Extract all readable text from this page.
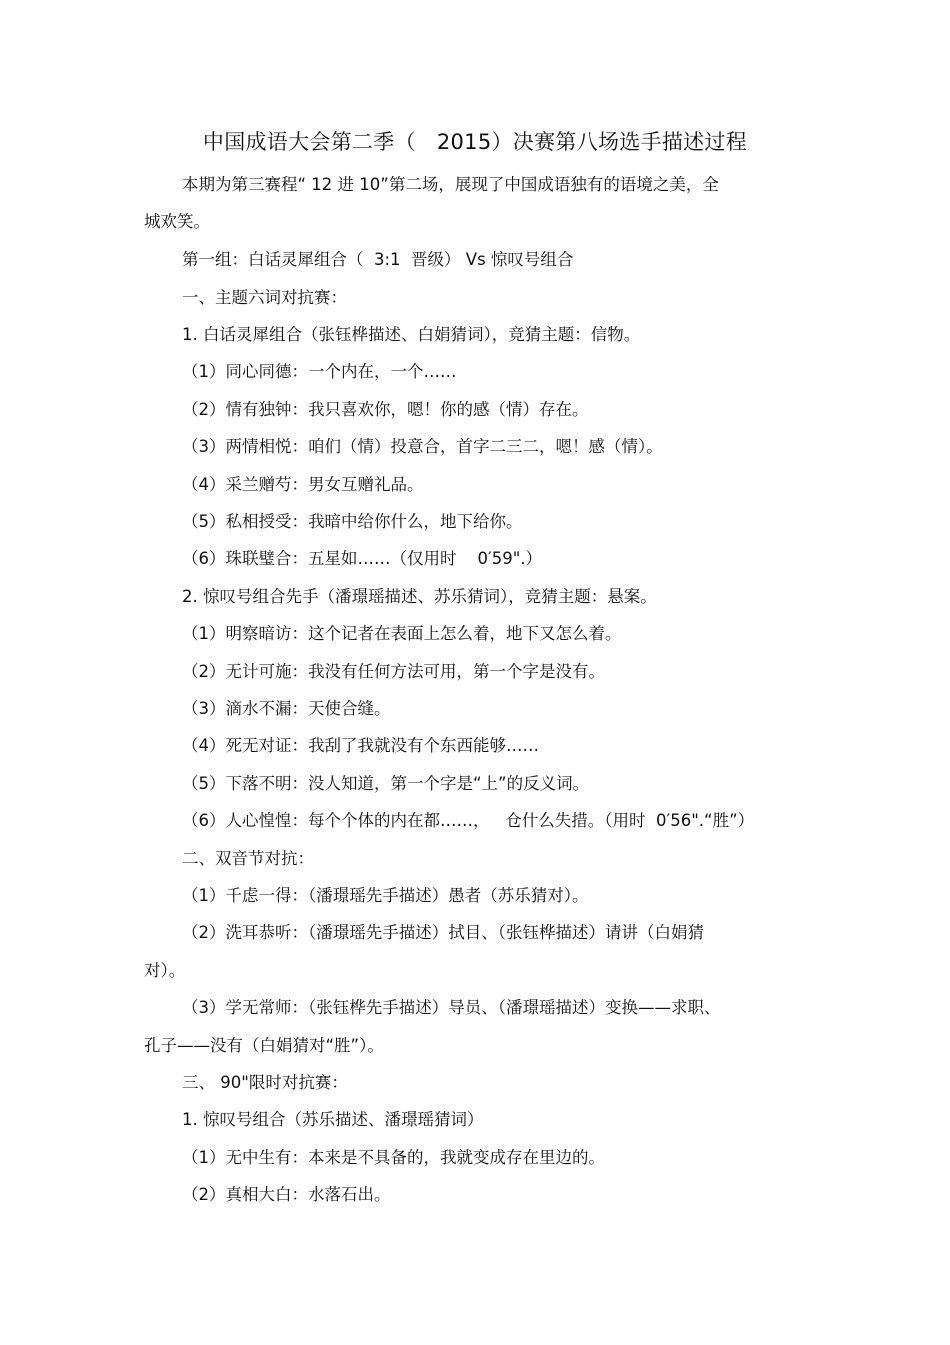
中国成语大会第二季（   2015）决赛第八场选手描述过程
本期为第三赛程“ 12 进 10”第二场，展现了中国成语独有的语境之美，全
城欢笑。
第一组：白话灵犀组合（  3:1  晋级） Vs 惊叹号组合
一、主题六词对抗赛：
1. 白话灵犀组合（张钰桦描述、白娟猜词），竞猜主题：信物。
（1）同心同德：一个内在，一个……
（2）情有独钟：我只喜欢你，嗯！你的感（情）存在。
（3）两情相悦：咱们（情）投意合，首字二三二，嗯！感（情）。
（4）采兰赠芍：男女互赠礼品。
（5）私相授受：我暗中给你什么，地下给你。
（6）珠联璧合：五星如……（仅用时    0′59".）
2. 惊叹号组合先手（潘璟瑶描述、苏乐猜词），竞猜主题：悬案。
（1）明察暗访：这个记者在表面上怎么着，地下又怎么着。
（2）无计可施：我没有任何方法可用，第一个字是没有。
（3）滴水不漏：天使合缝。
（4）死无对证：我刮了我就没有个东西能够……
（5）下落不明：没人知道，第一个字是“上”的反义词。
（6）人心惶惶：每个个体的内在都……，   仓什么失措。（用时  0′56".“胜”）
二、双音节对抗：
（1）千虑一得：（潘璟瑶先手描述）愚者（苏乐猜对）。
（2）洗耳恭听：（潘璟瑶先手描述）拭目、（张钰桦描述）请讲（白娟猜
对）。
（3）学无常师：（张钰桦先手描述）导员、（潘璟瑶描述）变换——求职、
孔子——没有（白娟猜对“胜”）。
三、 90"限时对抗赛：
1. 惊叹号组合（苏乐描述、潘璟瑶猜词）
（1）无中生有：本来是不具备的，我就变成存在里边的。
（2）真相大白：水落石出。
